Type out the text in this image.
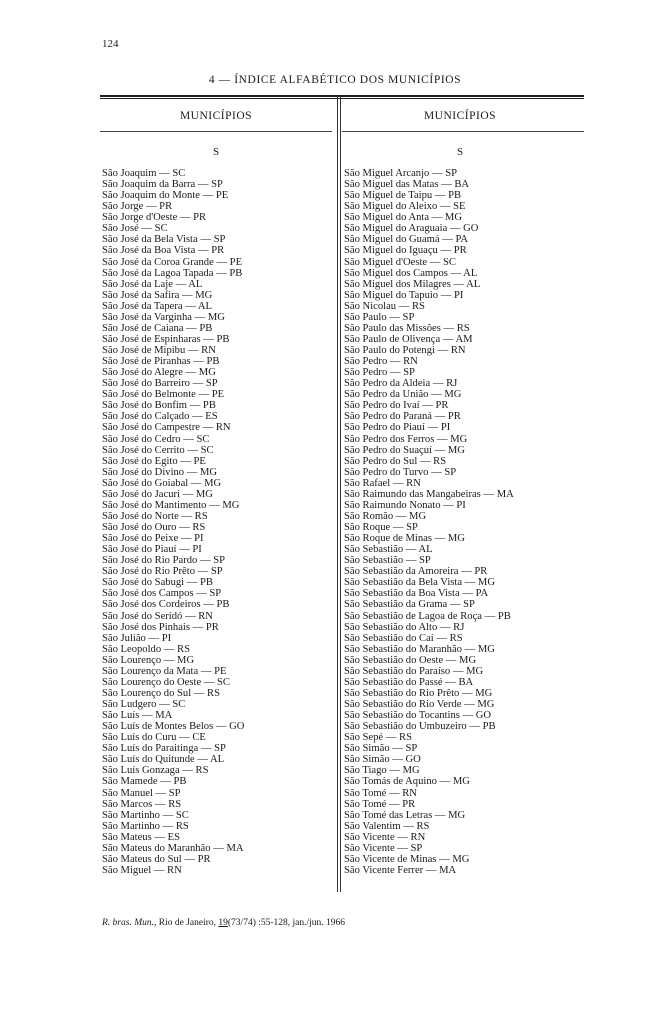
124
4 — ÍNDICE ALFABÉTICO DOS MUNICÍPIOS
MUNICÍPIOS	MUNICÍPIOS
S	S
São Joaquim — SC
São Joaquim da Barra — SP
São Joaquim do Monte — PE
São Jorge — PR
São Jorge d'Oeste — PR
São José — SC
São José da Bela Vista — SP
São José da Boa Vista — PR
São José da Coroa Grande — PE
São José da Lagoa Tapada — PB
São José da Laje — AL
São José da Safira — MG
São José da Tapera — AL
São José da Varginha — MG
São José de Caiana — PB
São José de Espinharas — PB
São José de Mipibu — RN
São José de Piranhas — PB
São José do Alegre — MG
São José do Barreiro — SP
São José do Belmonte — PE
São José do Bonfim — PB
São José do Calçado — ES
São José do Campestre — RN
São José do Cedro — SC
São José do Cerrito — SC
São José do Egito — PE
São José do Divino — MG
São José do Goiabal — MG
São José do Jacuri — MG
São José do Mantimento — MG
São José do Norte — RS
São José do Ouro — RS
São José do Peixe — PI
São José do Piauí — PI
São José do Rio Pardo — SP
São José do Rio Prêto — SP
São José do Sabugi — PB
São José dos Campos — SP
São José dos Cordeiros — PB
São José do Seridó — RN
São José dos Pinhais — PR
São Julião — PI
São Leopoldo — RS
São Lourenço — MG
São Lourenço da Mata — PE
São Lourenço do Oeste — SC
São Lourenço do Sul — RS
São Ludgero — SC
São Luís — MA
São Luís de Montes Belos — GO
São Luís do Curu — CE
São Luís do Paraitinga — SP
São Luís do Quitunde — AL
São Luís Gonzaga — RS
São Mamede — PB
São Manuel — SP
São Marcos — RS
São Martinho — SC
São Martinho — RS
São Mateus — ES
São Mateus do Maranhão — MA
São Mateus do Sul — PR
São Miguel — RN
São Miguel Arcanjo — SP
São Miguel das Matas — BA
São Miguel de Taipu — PB
São Miguel do Aleixo — SE
São Miguel do Anta — MG
São Miguel do Araguaia — GO
São Miguel do Guamá — PA
São Miguel do Iguaçu — PR
São Miguel d'Oeste — SC
São Miguel dos Campos — AL
São Miguel dos Milagres — AL
São Miguel do Tapuio — PI
São Nicolau — RS
São Paulo — SP
São Paulo das Missões — RS
São Paulo de Olivença — AM
São Paulo do Potengi — RN
São Pedro — RN
São Pedro — SP
São Pedro da Aldeia — RJ
São Pedro da União — MG
São Pedro do Ivaí — PR
São Pedro do Paraná — PR
São Pedro do Piauí — PI
São Pedro dos Ferros — MG
São Pedro do Suaçuí — MG
São Pedro do Sul — RS
São Pedro do Turvo — SP
São Rafael — RN
São Raimundo das Mangabeiras — MA
São Raimundo Nonato — PI
São Romão — MG
São Roque — SP
São Roque de Minas — MG
São Sebastião — AL
São Sebastião — SP
São Sebastião da Amoreira — PR
São Sebastião da Bela Vista — MG
São Sebastião da Boa Vista — PA
São Sebastião da Grama — SP
São Sebastião de Lagoa de Roça — PB
São Sebastião do Alto — RJ
São Sebastião do Caí — RS
São Sebastião do Maranhão — MG
São Sebastião do Oeste — MG
São Sebastião do Paraíso — MG
São Sebastião do Passé — BA
São Sebastião do Rio Prêto — MG
São Sebastião do Rio Verde — MG
São Sebastião do Tocantins — GO
São Sebastião do Umbuzeiro — PB
São Sepé — RS
São Simão — SP
São Simão — GO
São Tiago — MG
São Tomás de Aquino — MG
São Tomé — RN
São Tomé — PR
São Tomé das Letras — MG
São Valentim — RS
São Vicente — RN
São Vicente — SP
São Vicente de Minas — MG
São Vicente Ferrer — MA
R. bras. Mun., Rio de Janeiro, 19(73/74) :55-128, jan./jun. 1966
